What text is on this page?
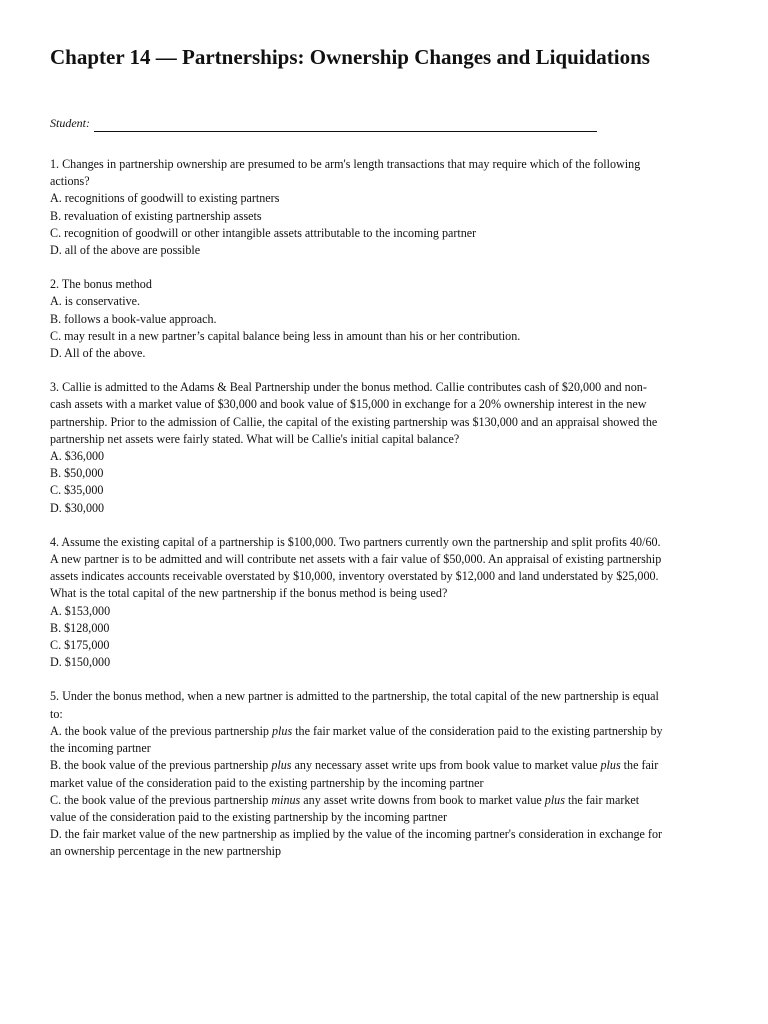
Chapter 14 — Partnerships: Ownership Changes and Liquidations
Student:

1. Changes in partnership ownership are presumed to be arm's length transactions that may require which of the following actions?

A. recognitions of goodwill to existing partners

B. revaluation of existing partnership assets

C. recognition of goodwill or other intangible assets attributable to the incoming partner

D. all of the above are possible

2. The bonus method

A. is conservative.

B. follows a book-value approach.

C. may result in a new partner’s capital balance being less in amount than his or her contribution.

D. All of the above.

3. Callie is admitted to the Adams & Beal Partnership under the bonus method. Callie contributes cash of $20,000 and non-cash assets with a market value of $30,000 and book value of $15,000 in exchange for a 20% ownership interest in the new partnership. Prior to the admission of Callie, the capital of the existing partnership was $130,000 and an appraisal showed the partnership net assets were fairly stated. What will be Callie's initial capital balance?

A. $36,000

B. $50,000

C. $35,000

D. $30,000

4. Assume the existing capital of a partnership is $100,000. Two partners currently own the partnership and split profits 40/60. A new partner is to be admitted and will contribute net assets with a fair value of $50,000. An appraisal of existing partnership assets indicates accounts receivable overstated by $10,000, inventory overstated by $12,000 and land understated by $25,000. What is the total capital of the new partnership if the bonus method is being used?

A. $153,000

B. $128,000

C. $175,000

D. $150,000

5. Under the bonus method, when a new partner is admitted to the partnership, the total capital of the new partnership is equal to:

A. the book value of the previous partnership plus the fair market value of the consideration paid to the existing partnership by the incoming partner

B. the book value of the previous partnership plus any necessary asset write ups from book value to market value plus the fair market value of the consideration paid to the existing partnership by the incoming partner

C. the book value of the previous partnership minus any asset write downs from book to market value plus the fair market value of the consideration paid to the existing partnership by the incoming partner

D. the fair market value of the new partnership as implied by the value of the incoming partner's consideration in exchange for an ownership percentage in the new partnership
